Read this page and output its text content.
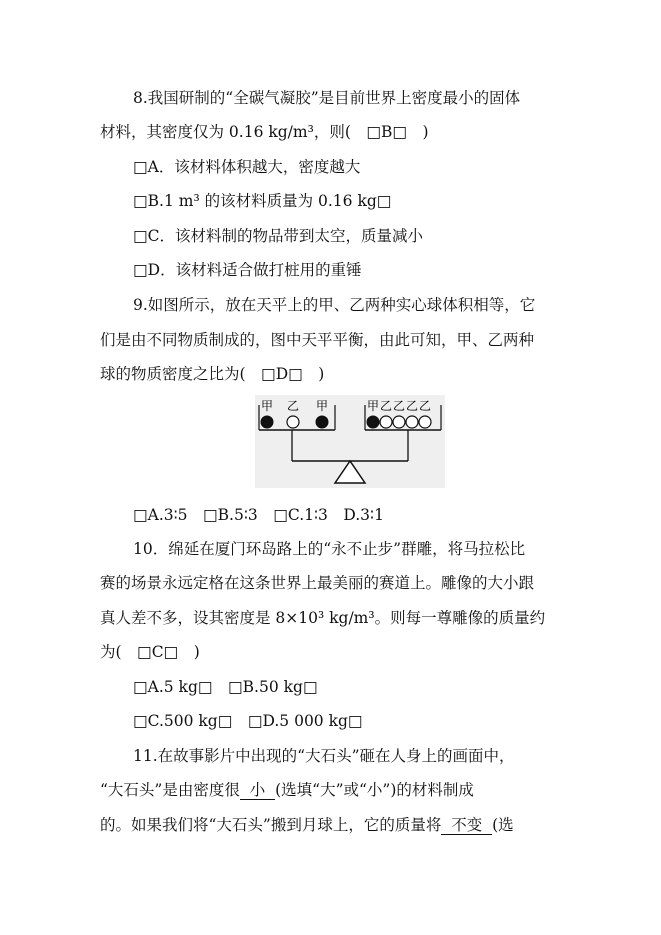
8.我国研制的“全碳气凝胶”是目前世界上密度最小的固体
材料，其密度仅为 0.16 kg/m³，则(　□B□　)
□A．该材料体积越大，密度越大
□B.1 m³ 的该材料质量为 0.16 kg□
□C．该材料制的物品带到太空，质量减小
□D．该材料适合做打桩用的重锤
9.如图所示，放在天平上的甲、乙两种实心球体积相等，它
们是由不同物质制成的，图中天平平衡，由此可知，甲、乙两种
球的物质密度之比为(　□D□　)
甲 乙 甲	甲 乙 乙 乙 乙
□A.3∶5　□B.5∶3　□C.1∶3　D.3∶1
10．绵延在厦门环岛路上的“永不止步”群雕，将马拉松比
赛的场景永远定格在这条世界上最美丽的赛道上。雕像的大小跟
真人差不多，设其密度是 8×10³ kg/m³。则每一尊雕像的质量约
为(　□C□　)
□A.5 kg□　□B.50 kg□
□C.500 kg□　□D.5 000 kg□
11.在故事影片中出现的“大石头”砸在人身上的画面中，
“大石头”是由密度很 小 (选填“大”或“小”)的材料制成
的。如果我们将“大石头”搬到月球上，它的质量将 不变 (选
